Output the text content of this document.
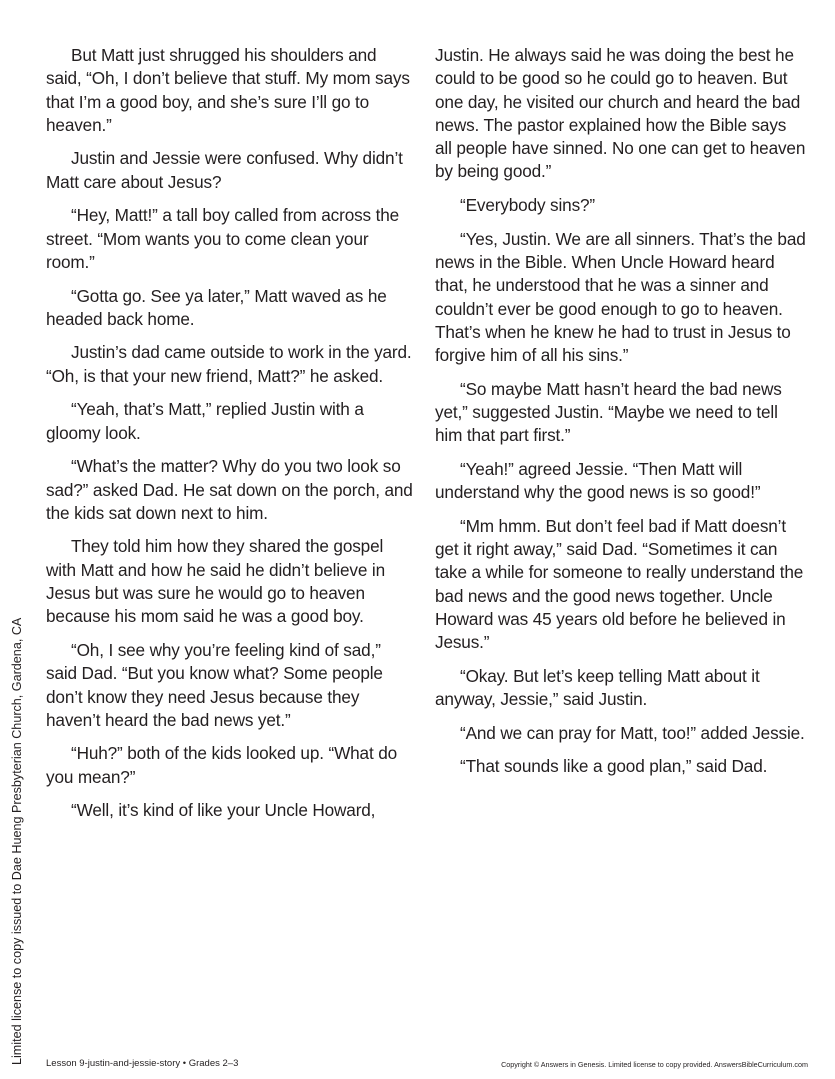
Limited license to copy issued to Dae Hueng Presbyterian Church, Gardena, CA

But Matt just shrugged his shoulders and said, “Oh, I don’t believe that stuff. My mom says that I’m a good boy, and she’s sure I’ll go to heaven.”

Justin and Jessie were confused. Why didn’t Matt care about Jesus?

“Hey, Matt!” a tall boy called from across the street. “Mom wants you to come clean your room.”

“Gotta go. See ya later,” Matt waved as he headed back home.

Justin’s dad came outside to work in the yard. “Oh, is that your new friend, Matt?” he asked.

“Yeah, that’s Matt,” replied Justin with a gloomy look.

“What’s the matter? Why do you two look so sad?” asked Dad. He sat down on the porch, and the kids sat down next to him.

They told him how they shared the gospel with Matt and how he said he didn’t believe in Jesus but was sure he would go to heaven because his mom said he was a good boy.

“Oh, I see why you’re feeling kind of sad,” said Dad. “But you know what? Some people don’t know they need Jesus because they haven’t heard the bad news yet.”

“Huh?” both of the kids looked up. “What do you mean?”

“Well, it’s kind of like your Uncle Howard,

Justin. He always said he was doing the best he could to be good so he could go to heaven. But one day, he visited our church and heard the bad news. The pastor explained how the Bible says all people have sinned. No one can get to heaven by being good.”

“Everybody sins?”

“Yes, Justin. We are all sinners. That’s the bad news in the Bible. When Uncle Howard heard that, he understood that he was a sinner and couldn’t ever be good enough to go to heaven. That’s when he knew he had to trust in Jesus to forgive him of all his sins.”

“So maybe Matt hasn’t heard the bad news yet,” suggested Justin. “Maybe we need to tell him that part first.”

“Yeah!” agreed Jessie. “Then Matt will understand why the good news is so good!”

“Mm hmm. But don’t feel bad if Matt doesn’t get it right away,” said Dad. “Sometimes it can take a while for someone to really understand the bad news and the good news together. Uncle Howard was 45 years old before he believed in Jesus.”

“Okay. But let’s keep telling Matt about it anyway, Jessie,” said Justin.

“And we can pray for Matt, too!” added Jessie.

“That sounds like a good plan,” said Dad.

Lesson 9-justin-and-jessie-story • Grades 2–3	Copyright © Answers in Genesis. Limited license to copy provided. AnswersBibleCurriculum.com
